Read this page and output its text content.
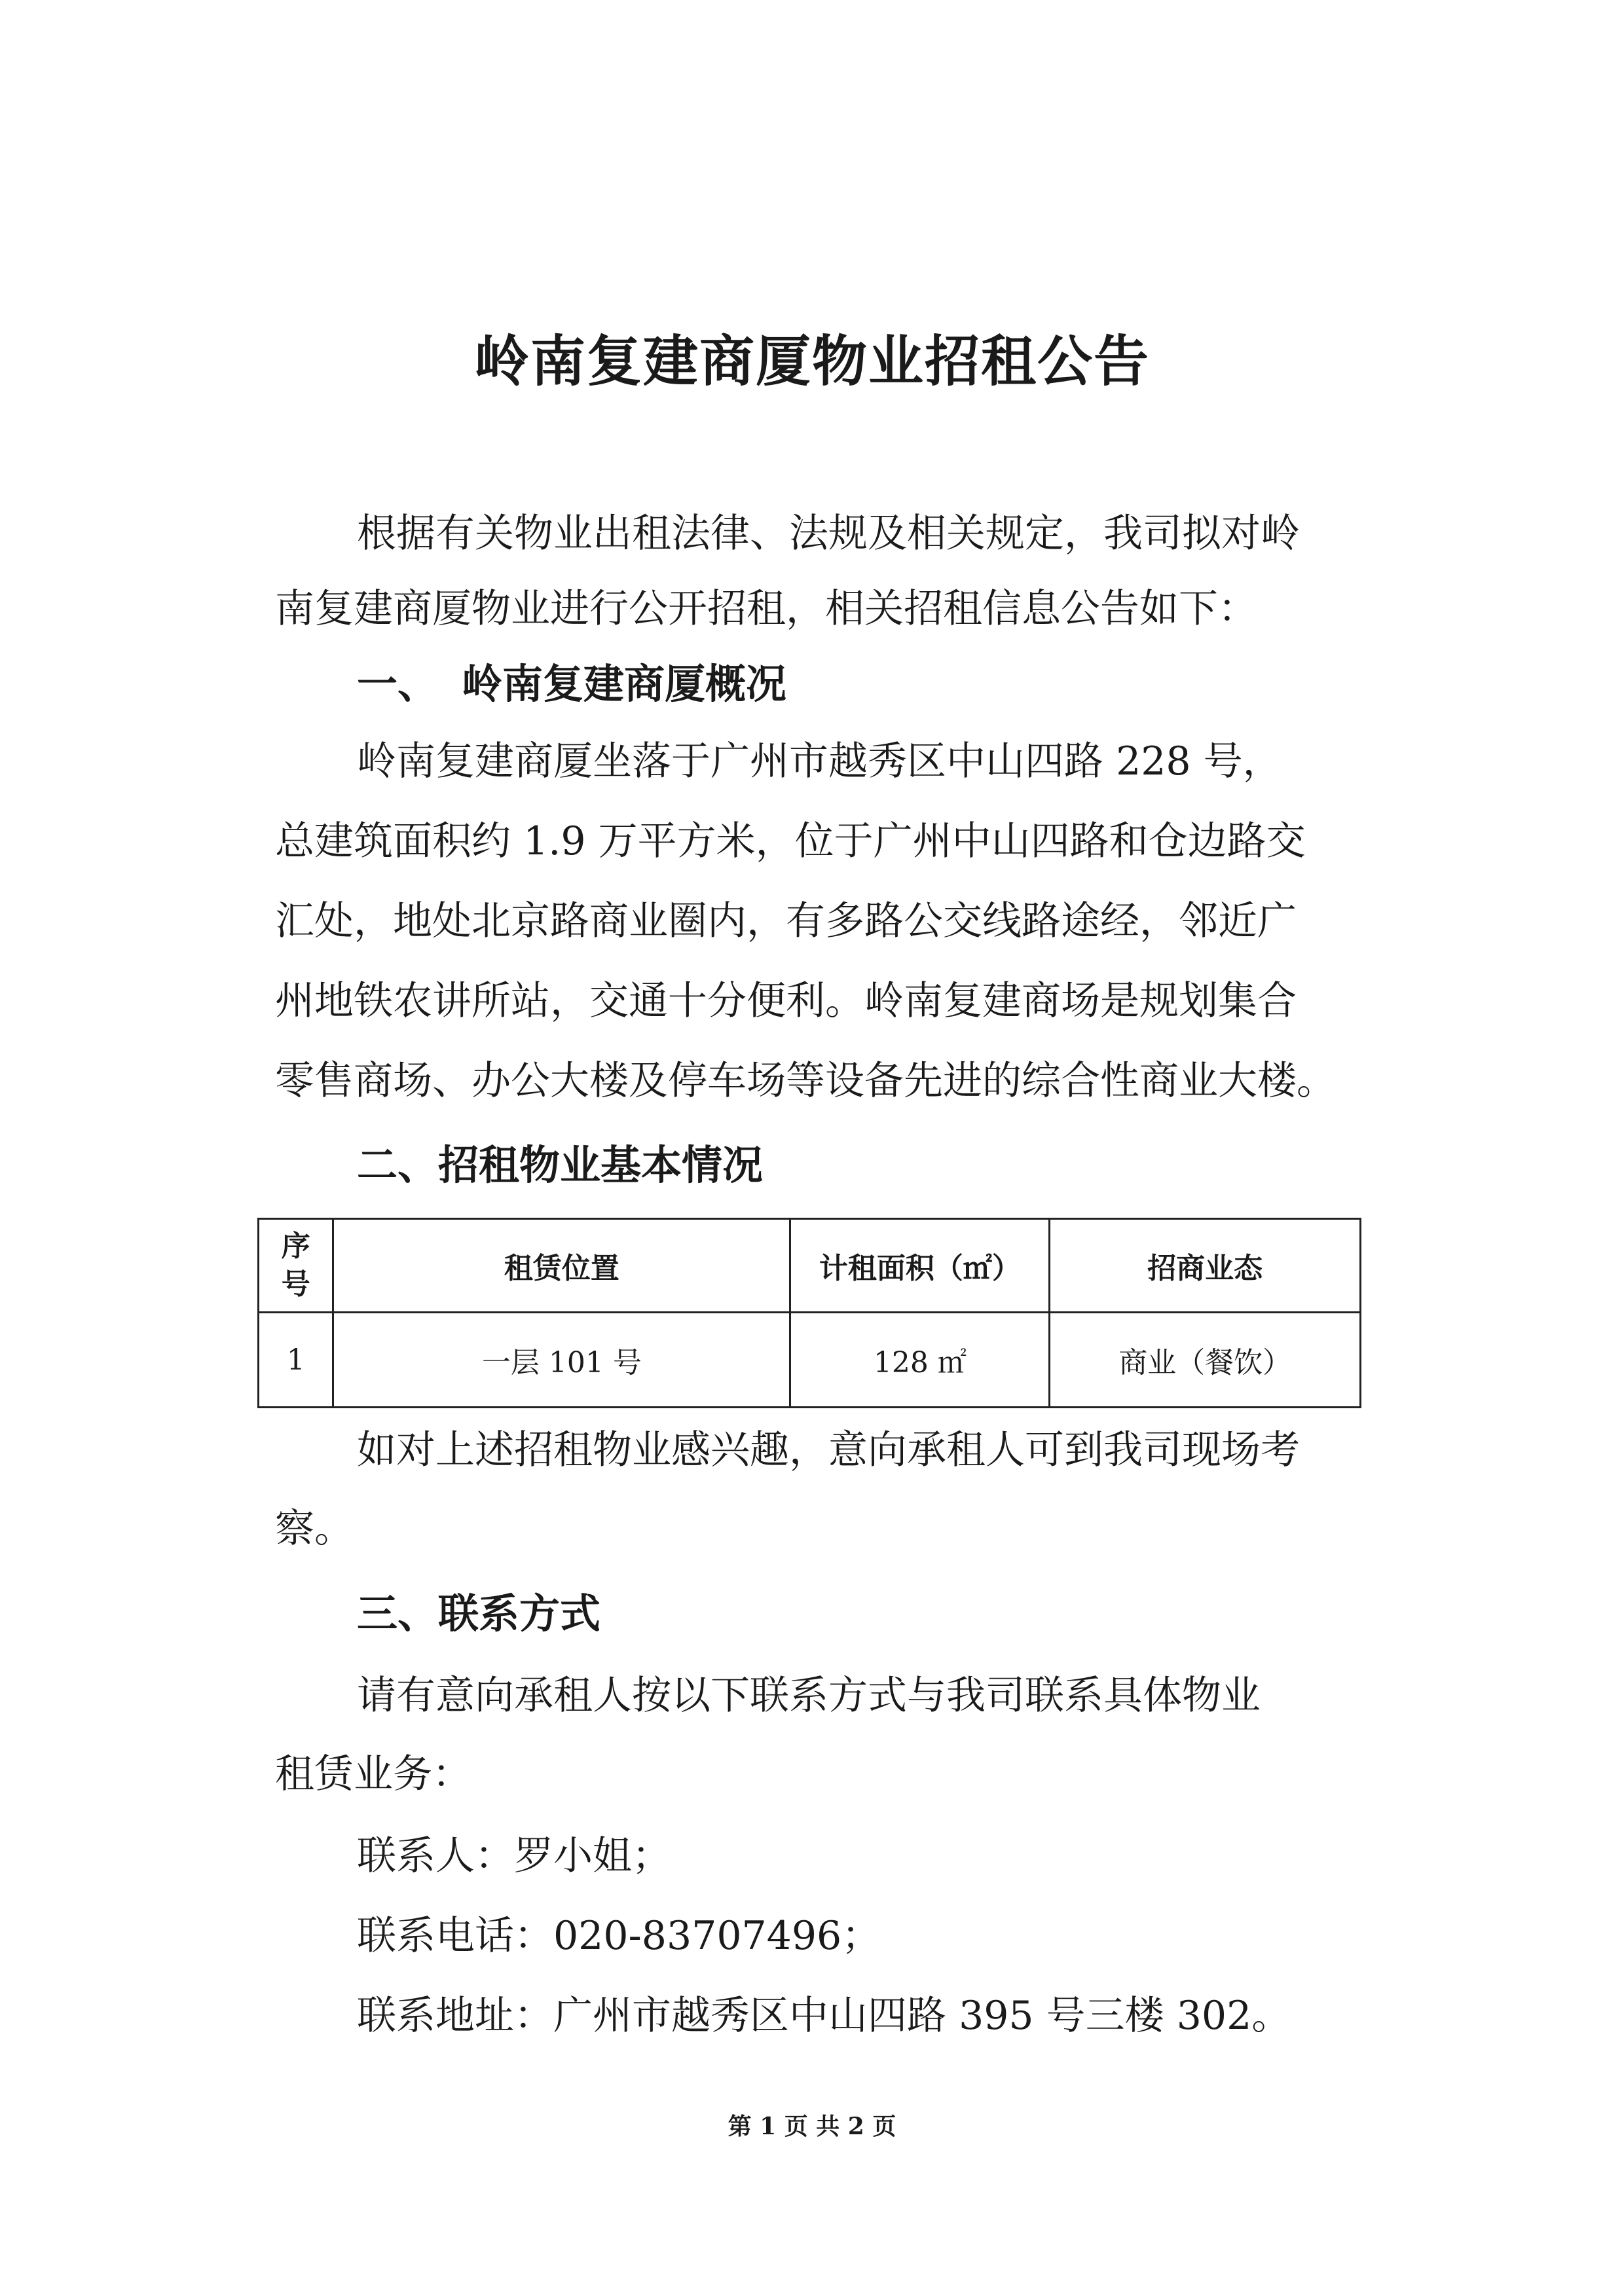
岭南复建商厦物业招租公告
根据有关物业出租法律、法规及相关规定，我司拟对岭
南复建商厦物业进行公开招租，相关招租信息公告如下：
一、 岭南复建商厦概况
岭南复建商厦坐落于广州市越秀区中山四路 228 号，
总建筑面积约 1.9 万平方米，位于广州中山四路和仓边路交
汇处，地处北京路商业圈内，有多路公交线路途经，邻近广
州地铁农讲所站，交通十分便利。岭南复建商场是规划集合
零售商场、办公大楼及停车场等设备先进的综合性商业大楼。
二、招租物业基本情况
序号	租赁位置	计租面积（㎡）	招商业态
1	一层 101 号	128 ㎡	商业（餐饮）
如对上述招租物业感兴趣，意向承租人可到我司现场考
察。
三、联系方式
请有意向承租人按以下联系方式与我司联系具体物业
租赁业务：
联系人：罗小姐；
联系电话：020-83707496；
联系地址：广州市越秀区中山四路 395 号三楼 302。
第 1 页 共 2 页
